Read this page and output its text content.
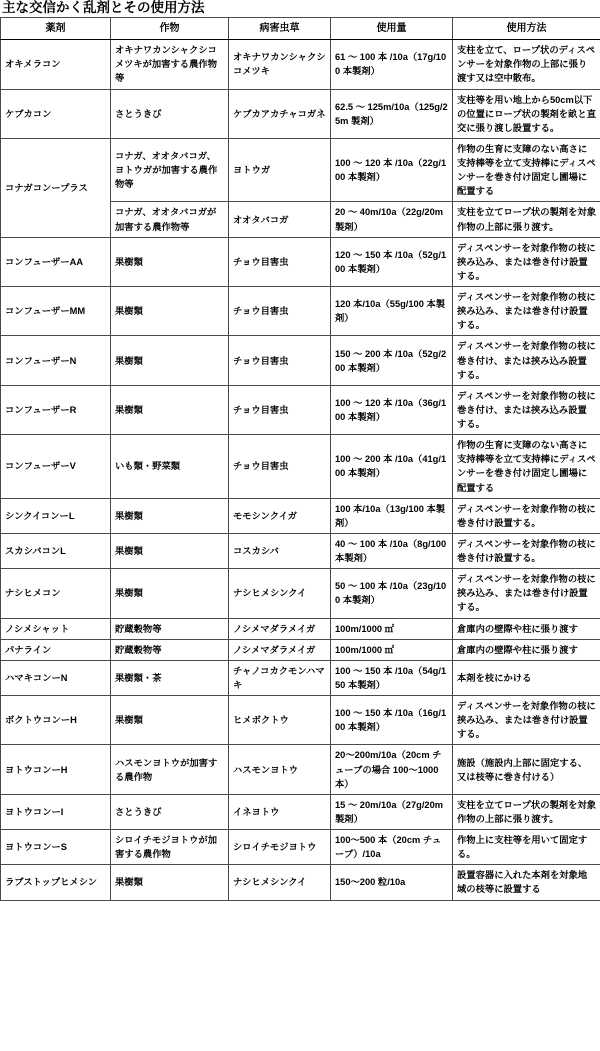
主な交信かく乱剤とその使用方法
薬剤	作物	病害虫草	使用量	使用方法
オキメラコン	オキナワカンシャクシコメツキが加害する農作物等	オキナワカンシャクシコメツキ	61 ～ 100 本 /10a（17g/100 本製剤）	支柱を立て、ロープ状のディスペンサーを対象作物の上部に張り渡す又は空中散布。
ケブカコン	さとうきび	ケブカアカチャコガネ	62.5 ～ 125m/10a（125g/25m 製剤）	支柱等を用い地上から50cm以下の位置にロープ状の製剤を畝と直交に張り渡し設置する。
コナガコンープラス	コナガ、オオタバコガ、ヨトウガが加害する農作物等	ヨトウガ	100 ～ 120 本 /10a（22g/100 本製剤）	作物の生育に支障のない高さに支持棒等を立て支持棒にディスペンサーを巻き付け固定し圃場に配置する
	コナガ、オオタバコガが加害する農作物等	オオタバコガ	20 ～ 40m/10a（22g/20m 製剤）	支柱を立てロープ状の製剤を対象作物の上部に張り渡す。
コンフューザーAA	果樹類	チョウ目害虫	120 ～ 150 本 /10a（52g/100 本製剤）	ディスペンサーを対象作物の枝に挟み込み、または巻き付け設置する。
コンフューザーMM	果樹類	チョウ目害虫	120 本/10a（55g/100 本製剤）	ディスペンサーを対象作物の枝に挟み込み、または巻き付け設置する。
コンフューザーN	果樹類	チョウ目害虫	150 ～ 200 本 /10a（52g/200 本製剤）	ディスペンサーを対象作物の枝に巻き付け、または挟み込み設置する。
コンフューザーR	果樹類	チョウ目害虫	100 ～ 120 本 /10a（36g/100 本製剤）	ディスペンサーを対象作物の枝に巻き付け、または挟み込み設置する。
コンフューザーV	いも類・野菜類	チョウ目害虫	100 ～ 200 本 /10a（41g/100 本製剤）	作物の生育に支障のない高さに支持棒等を立て支持棒にディスペンサーを巻き付け固定し圃場に配置する
シンクイコンーL	果樹類	モモシンクイガ	100 本/10a（13g/100 本製剤）	ディスペンサーを対象作物の枝に巻き付け設置する。
スカシバコンL	果樹類	コスカシバ	40 ～ 100 本 /10a（8g/100 本製剤）	ディスペンサーを対象作物の枝に巻き付け設置する。
ナシヒメコン	果樹類	ナシヒメシンクイ	50 ～ 100 本 /10a（23g/100 本製剤）	ディスペンサーを対象作物の枝に挟み込み、または巻き付け設置する。
ノシメシャット	貯蔵穀物等	ノシメマダラメイガ	100m/1000 ㎡	倉庫内の壁際や柱に張り渡す
パナライン	貯蔵穀物等	ノシメマダラメイガ	100m/1000 ㎡	倉庫内の壁際や柱に張り渡す
ハマキコンーN	果樹類・茶	チャノコカクモンハマキ	100 ～ 150 本 /10a（54g/150 本製剤）	本剤を枝にかける
ボクトウコンーH	果樹類	ヒメボクトウ	100 ～ 150 本 /10a（16g/100 本製剤）	ディスペンサーを対象作物の枝に挟み込み、または巻き付け設置する。
ヨトウコンーH	ハスモンヨトウが加害する農作物	ハスモンヨトウ	20～200m/10a（20cm チューブの場合 100～1000 本）	施設（施設内上部に固定する、又は枝等に巻き付ける）
ヨトウコンーI	さとうきび	イネヨトウ	15 ～ 20m/10a（27g/20m 製剤）	支柱を立てロープ状の製剤を対象作物の上部に張り渡す。
ヨトウコンーS	シロイチモジヨトウが加害する農作物	シロイチモジヨトウ	100～500 本（20cm チューブ）/10a	作物上に支柱等を用いて固定する。
ラブストップヒメシン	果樹類	ナシヒメシンクイ	150～200 粒/10a	設置容器に入れた本剤を対象地域の枝等に設置する
